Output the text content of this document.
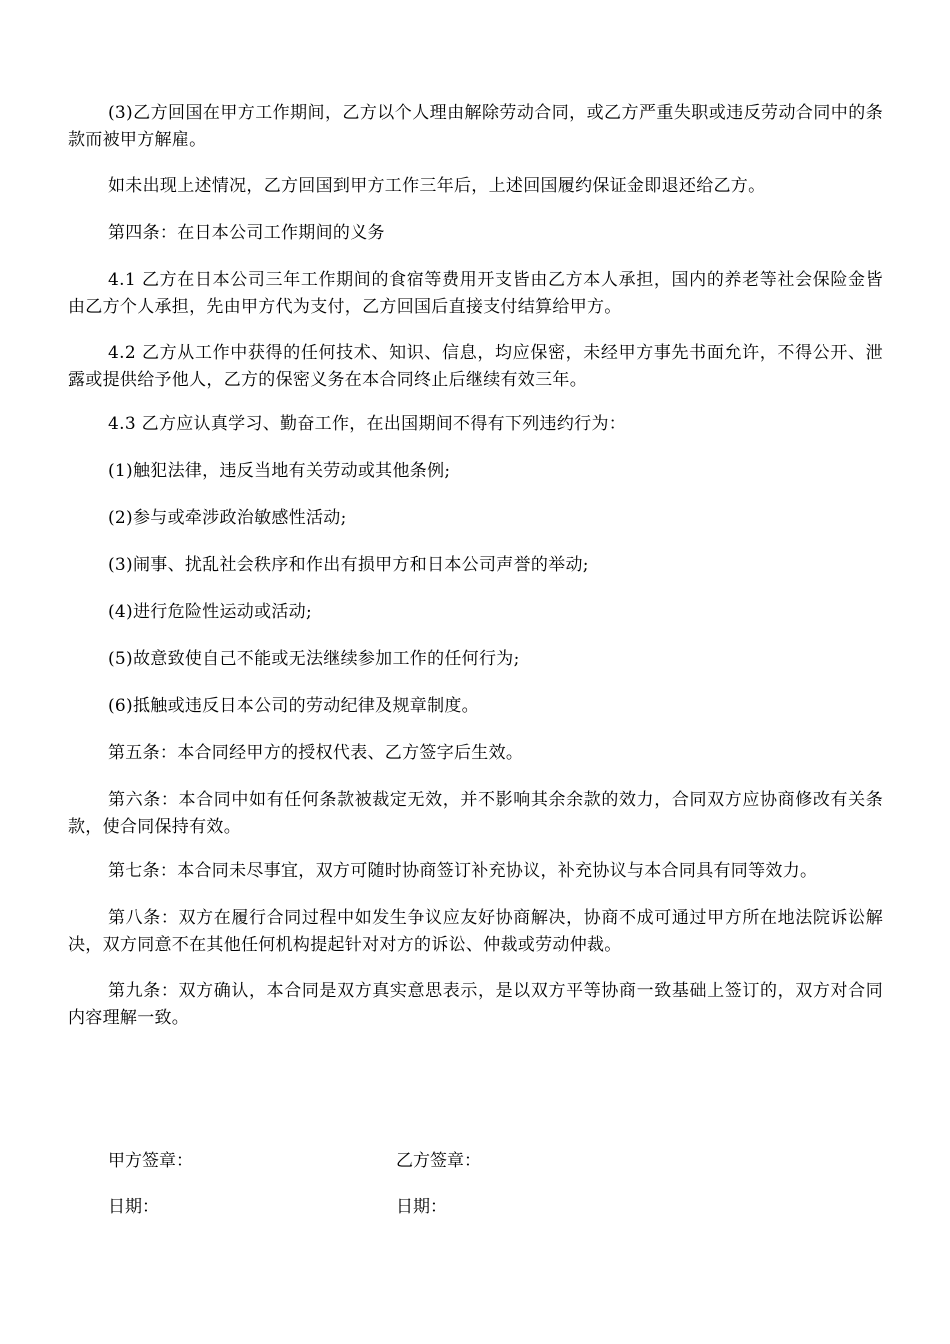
(3)乙方回国在甲方工作期间，乙方以个人理由解除劳动合同，或乙方严重失职或违反劳动合同中的条款而被甲方解雇。

如未出现上述情况，乙方回国到甲方工作三年后，上述回国履约保证金即退还给乙方。

第四条：在日本公司工作期间的义务

4.1 乙方在日本公司三年工作期间的食宿等费用开支皆由乙方本人承担，国内的养老等社会保险金皆由乙方个人承担，先由甲方代为支付，乙方回国后直接支付结算给甲方。

4.2 乙方从工作中获得的任何技术、知识、信息，均应保密，未经甲方事先书面允许，不得公开、泄露或提供给予他人，乙方的保密义务在本合同终止后继续有效三年。

4.3 乙方应认真学习、勤奋工作，在出国期间不得有下列违约行为：

(1)触犯法律，违反当地有关劳动或其他条例;

(2)参与或牵涉政治敏感性活动;

(3)闹事、扰乱社会秩序和作出有损甲方和日本公司声誉的举动;

(4)进行危险性运动或活动;

(5)故意致使自己不能或无法继续参加工作的任何行为;

(6)抵触或违反日本公司的劳动纪律及规章制度。

第五条：本合同经甲方的授权代表、乙方签字后生效。

第六条：本合同中如有任何条款被裁定无效，并不影响其余余款的效力，合同双方应协商修改有关条款，使合同保持有效。

第七条：本合同未尽事宜，双方可随时协商签订补充协议，补充协议与本合同具有同等效力。

第八条：双方在履行合同过程中如发生争议应友好协商解决，协商不成可通过甲方所在地法院诉讼解决，双方同意不在其他任何机构提起针对对方的诉讼、仲裁或劳动仲裁。

第九条：双方确认，本合同是双方真实意思表示，是以双方平等协商一致基础上签订的，双方对合同内容理解一致。

甲方签章：	乙方签章：

日期：	日期：
